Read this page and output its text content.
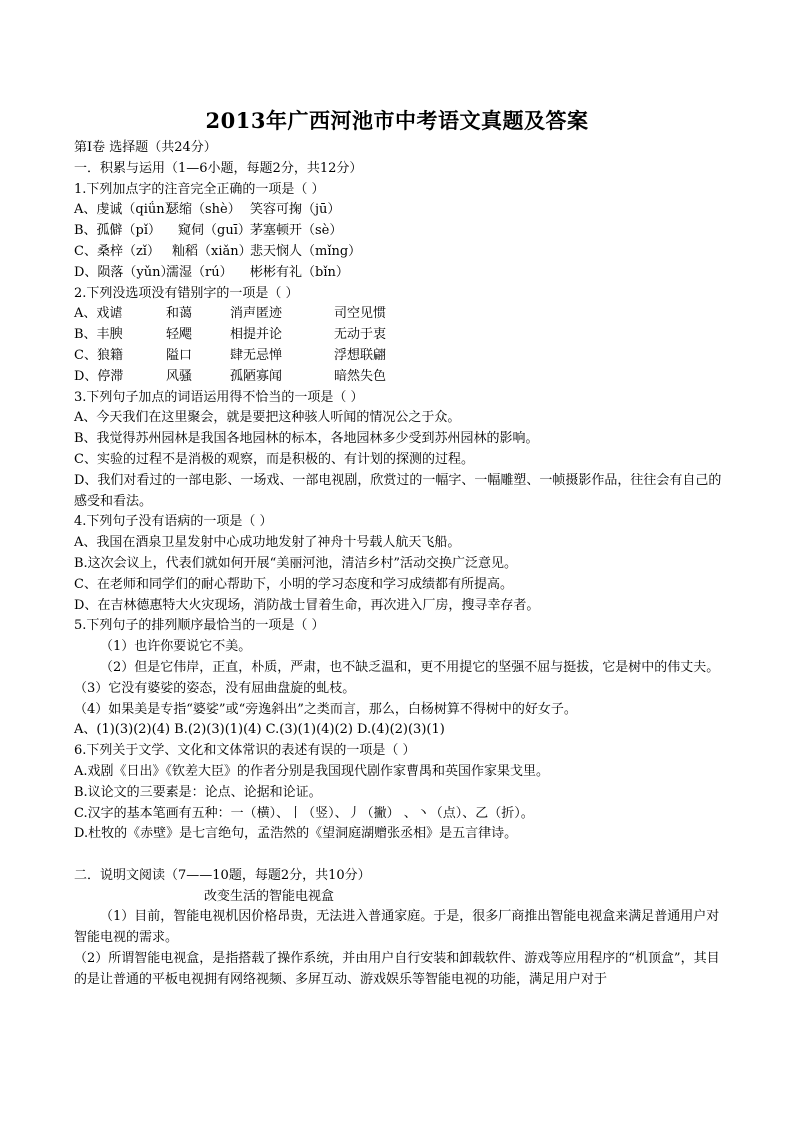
2013年广西河池市中考语文真题及答案
第Ⅰ卷 选择题（共24分）
一．积累与运用（1—6小题，每题2分，共12分）
1.下列加点字的注音完全正确的一项是（ ）
A、虔诚（qiǘn）瑟缩（shè） 笑容可掬（jū）
B、孤僻（pǐ） 窥伺（guī）茅塞顿开（sè）
C、桑梓（zǐ） 籼稻（xiǎn）悲天悯人（mǐng）
D、陨落（yǔn）濡湿（rú） 彬彬有礼（bǐn）
2.下列没选项没有错别字的一项是（ ）
A、戏谑	和蔼	消声匿迹	司空见惯
B、丰腴	轻飔	相提并论	无动于衷
C、狼籍	隘口	肆无忌惮	浮想联翩
D、停滞	风骚	孤陋寡闻	暗然失色
3.下列句子加点的词语运用得不恰当的一项是（ ）
A、今天我们在这里聚会，就是要把这种骇人听闻的情况公之于众。
B、我觉得苏州园林是我国各地园林的标本，各地园林多少受到苏州园林的影响。
C、实验的过程不是消极的观察，而是积极的、有计划的探测的过程。
D、我们对看过的一部电影、一场戏、一部电视剧，欣赏过的一幅字、一幅雕塑、一帧摄影作品，往往会有自己的感受和看法。
4.下列句子没有语病的一项是（ ）
A、我国在酒泉卫星发射中心成功地发射了神舟十号载人航天飞船。
B.这次会议上，代表们就如何开展“美丽河池，清洁乡村”活动交换广泛意见。
C、在老师和同学们的耐心帮助下，小明的学习态度和学习成绩都有所提高。
D、在吉林德惠特大火灾现场，消防战士冒着生命，再次进入厂房，搜寻幸存者。
5.下列句子的排列顺序最恰当的一项是（ ）
（1）也许你要说它不美。
（2）但是它伟岸，正直，朴质，严肃，也不缺乏温和，更不用提它的坚强不屈与挺拔，它是树中的伟丈夫。
（3）它没有婆娑的姿态，没有屈曲盘旋的虬枝。
（4）如果美是专指“婆娑”或“旁逸斜出”之类而言，那么，白杨树算不得树中的好女子。
A、(1)(3)(2)(4) B.(2)(3)(1)(4) C.(3)(1)(4)(2) D.(4)(2)(3)(1)
6.下列关于文学、文化和文体常识的表述有误的一项是（ ）
A.戏剧《日出》《钦差大臣》的作者分别是我国现代剧作家曹禺和英国作家果戈里。
B.议论文的三要素是：论点、论据和论证。
C.汉字的基本笔画有五种：一（横）、丨（竖）、丿（撇） 、丶（点）、乙（折）。
D.杜牧的《赤壁》是七言绝句，孟浩然的《望洞庭湖赠张丞相》是五言律诗。
二．说明文阅读（7——10题，每题2分，共10分）
改变生活的智能电视盒
（1）目前，智能电视机因价格昂贵，无法进入普通家庭。于是，很多厂商推出智能电视盒来满足普通用户对智能电视的需求。
（2）所谓智能电视盒，是指搭载了操作系统，并由用户自行安装和卸载软件、游戏等应用程序的“机顶盒”，其目的是让普通的平板电视拥有网络视频、多屏互动、游戏娱乐等智能电视的功能，满足用户对于
